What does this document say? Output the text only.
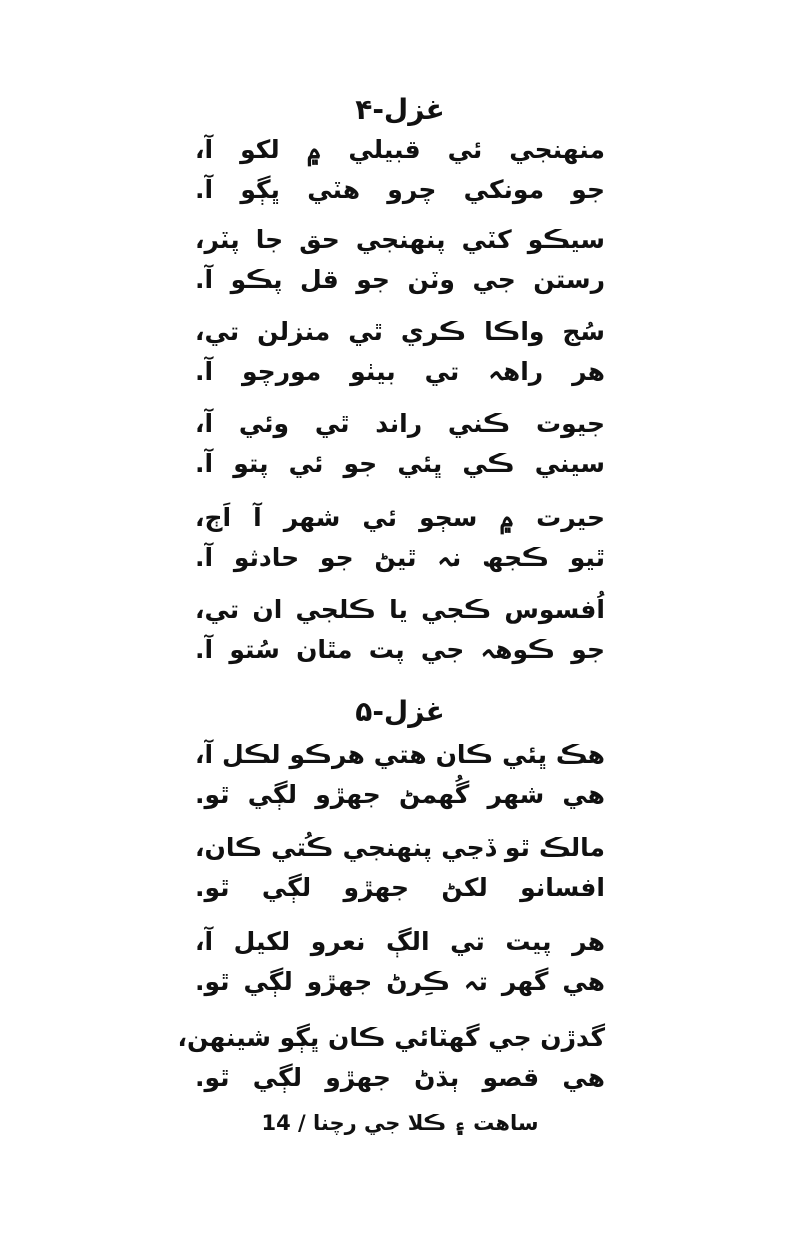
غزل-۴
منهنجي ئي قبيلي ۾ لکو آ،
جو مونکي چرو هٽي ڀڳو آ.
سيڪو کٽي پنهنجي حق جا پٽر،
رستن جي وٽن جو قل پڪو آ.
سُج واڪا ڪري ٿي منزلن تي،
هر راهہ تي بيٺو مورچو آ.
جيوت ڪني راند ٿي وئي آ،
سيني ڪي ڀئي جو ئي پتو آ.
حيرت ۾ سڄو ئي شهر آ اَڄ،
ٿيو ڪجھ نہ ٿيڻ جو حادثو آ.
اُفسوس ڪجي يا ڪلجي ان تي،
جو ڪوهہ جي پت مٿان سُتو آ.
غزل-۵
هڪ ڀئي ڪان هتي هرڪو لڪل آ،
هي شهر گُهمڻ جهڙو لڳي ٿو.
مالڪ ٿو ڏڃي پنهنجي ڪُتي ڪان،
افسانو لکڻ جهڙو لڳي ٿو.
هر پيت تي الڳ نعرو لکيل آ،
هي گهر تہ ڪِرڻ جهڙو لڳي ٿو.
گدڙن جي گهٽائي ڪان ڀڳو شينهن،
هي قصو ٻڌڻ جهڙو لڳي ٿو.
ساهت ۽ ڪلا جي رچنا / 14
